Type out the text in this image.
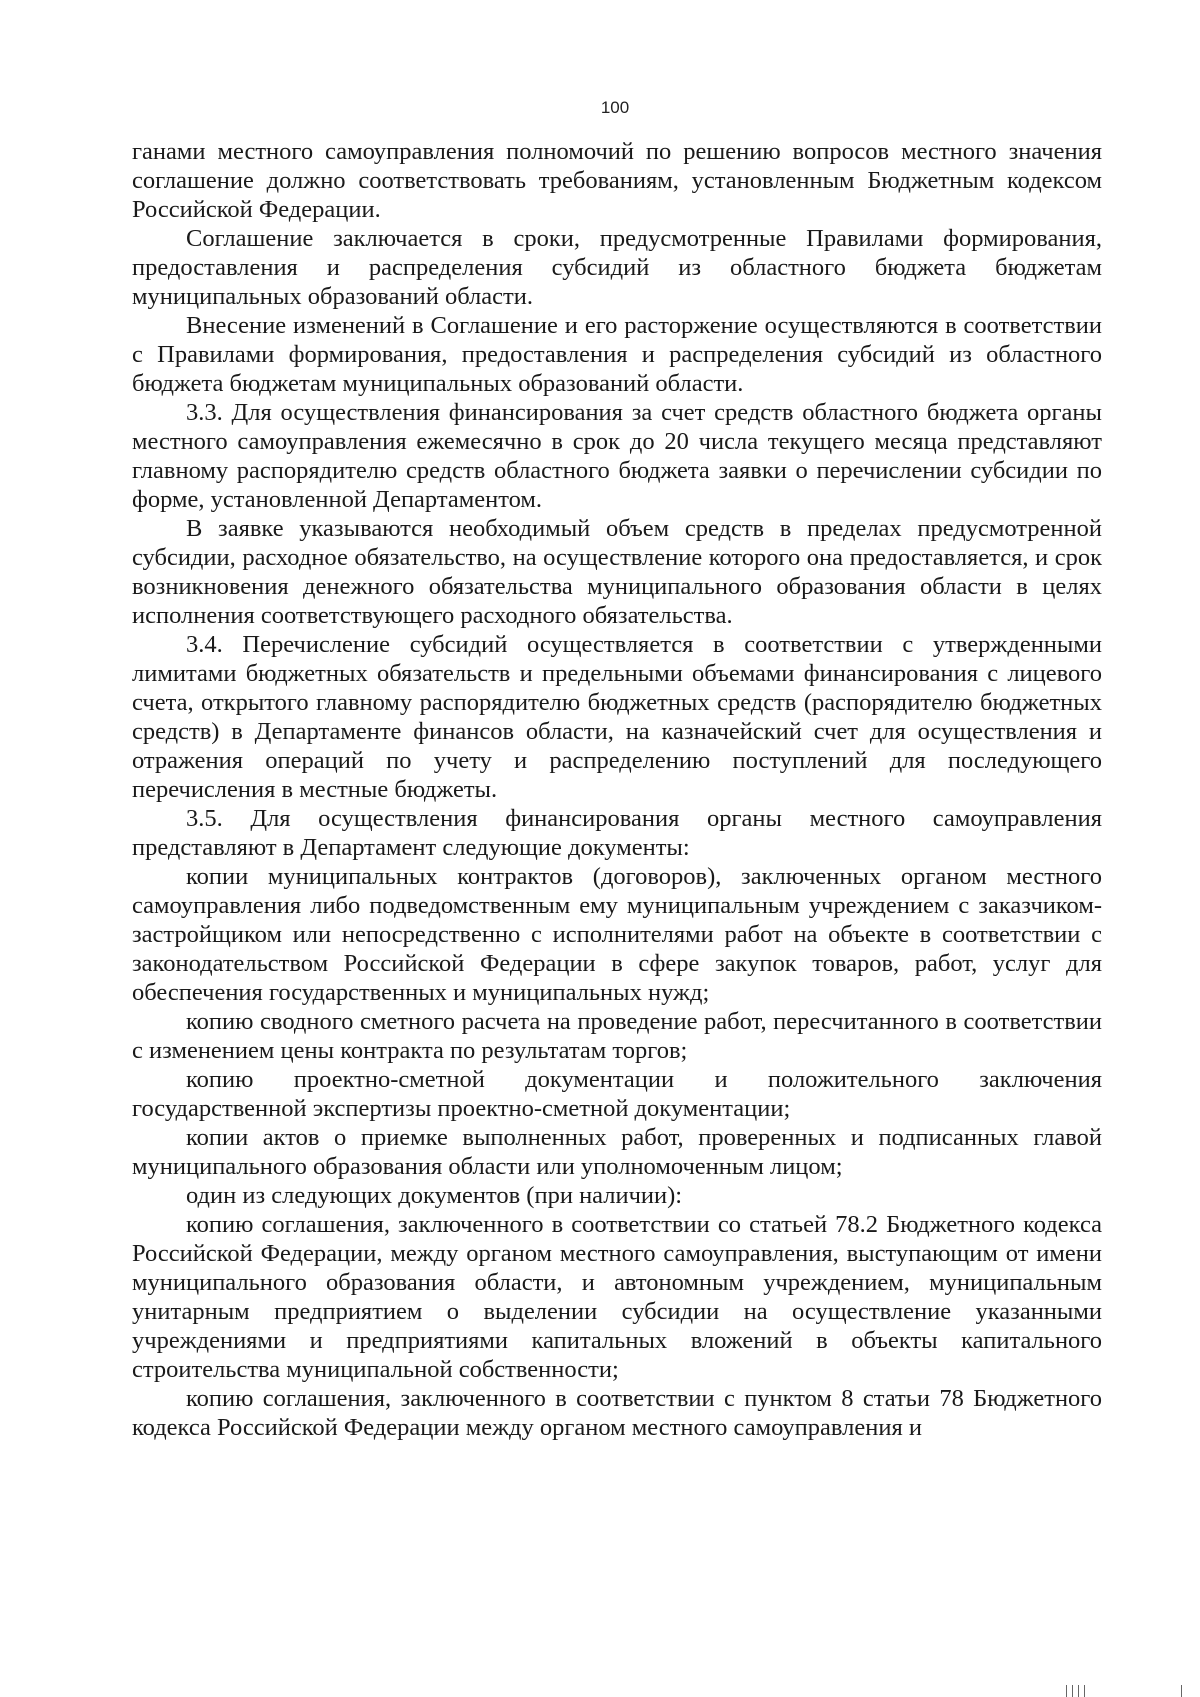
100

ганами местного самоуправления полномочий по решению вопросов местного значения соглашение должно соответствовать требованиям, установленным Бюджетным кодексом Российской Федерации.

Соглашение заключается в сроки, предусмотренные Правилами формирования, предоставления и распределения субсидий из областного бюджета бюджетам муниципальных образований области.

Внесение изменений в Соглашение и его расторжение осуществляются в соответствии с Правилами формирования, предоставления и распределения субсидий из областного бюджета бюджетам муниципальных образований области.

3.3. Для осуществления финансирования за счет средств областного бюджета органы местного самоуправления ежемесячно в срок до 20 числа текущего месяца представляют главному распорядителю средств областного бюджета заявки о перечислении субсидии по форме, установленной Департаментом.

В заявке указываются необходимый объем средств в пределах предусмотренной субсидии, расходное обязательство, на осуществление которого она предоставляется, и срок возникновения денежного обязательства муниципального образования области в целях исполнения соответствующего расходного обязательства.

3.4. Перечисление субсидий осуществляется в соответствии с утвержденными лимитами бюджетных обязательств и предельными объемами финансирования с лицевого счета, открытого главному распорядителю бюджетных средств (распорядителю бюджетных средств) в Департаменте финансов области, на казначейский счет для осуществления и отражения операций по учету и распределению поступлений для последующего перечисления в местные бюджеты.

3.5. Для осуществления финансирования органы местного самоуправления представляют в Департамент следующие документы:

копии муниципальных контрактов (договоров), заключенных органом местного самоуправления либо подведомственным ему муниципальным учреждением с заказчиком-застройщиком или непосредственно с исполнителями работ на объекте в соответствии с законодательством Российской Федерации в сфере закупок товаров, работ, услуг для обеспечения государственных и муниципальных нужд;

копию сводного сметного расчета на проведение работ, пересчитанного в соответствии с изменением цены контракта по результатам торгов;

копию проектно-сметной документации и положительного заключения государственной экспертизы проектно-сметной документации;

копии актов о приемке выполненных работ, проверенных и подписанных главой муниципального образования области или уполномоченным лицом;

один из следующих документов (при наличии):

копию соглашения, заключенного в соответствии со статьей 78.2 Бюджетного кодекса Российской Федерации, между органом местного самоуправления, выступающим от имени муниципального образования области, и автономным учреждением, муниципальным унитарным предприятием о выделении субсидии на осуществление указанными учреждениями и предприятиями капитальных вложений в объекты капитального строительства муниципальной собственности;

копию соглашения, заключенного в соответствии с пунктом 8 статьи 78 Бюджетного кодекса Российской Федерации между органом местного самоуправления и
